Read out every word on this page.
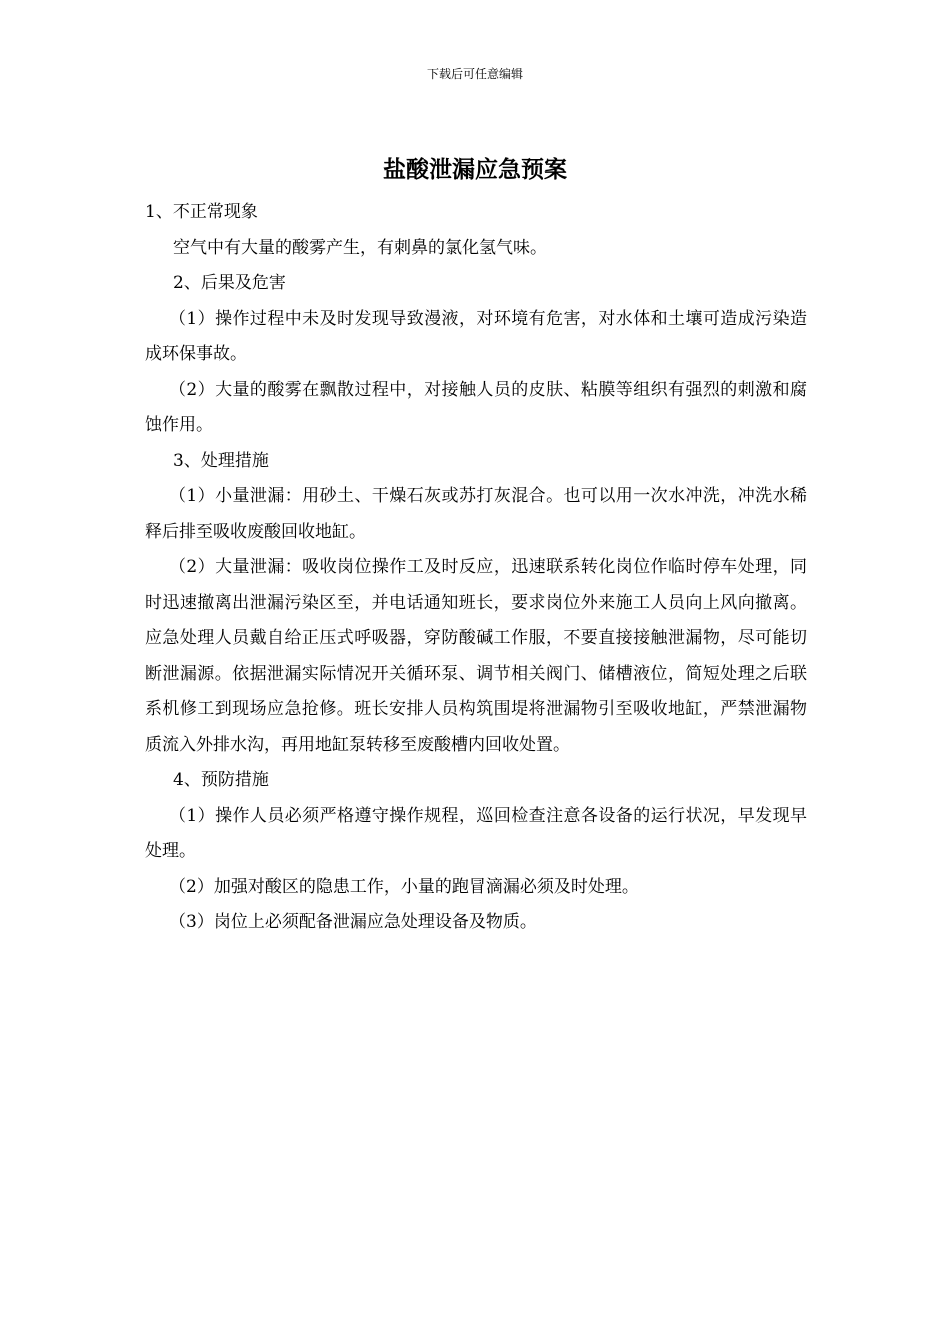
下载后可任意编辑
盐酸泄漏应急预案

1、不正常现象

空气中有大量的酸雾产生，有刺鼻的氯化氢气味。

2、后果及危害

（1）操作过程中未及时发现导致漫液，对环境有危害，对水体和土壤可造成污染造成环保事故。

（2）大量的酸雾在飘散过程中，对接触人员的皮肤、粘膜等组织有强烈的刺激和腐蚀作用。

3、处理措施

（1）小量泄漏：用砂土、干燥石灰或苏打灰混合。也可以用一次水冲洗，冲洗水稀释后排至吸收废酸回收地缸。

（2）大量泄漏：吸收岗位操作工及时反应，迅速联系转化岗位作临时停车处理，同时迅速撤离出泄漏污染区至，并电话通知班长，要求岗位外来施工人员向上风向撤离。应急处理人员戴自给正压式呼吸器，穿防酸碱工作服，不要直接接触泄漏物，尽可能切断泄漏源。依据泄漏实际情况开关循环泵、调节相关阀门、储槽液位，简短处理之后联系机修工到现场应急抢修。班长安排人员构筑围堤将泄漏物引至吸收地缸，严禁泄漏物质流入外排水沟，再用地缸泵转移至废酸槽内回收处置。

4、预防措施

（1）操作人员必须严格遵守操作规程，巡回检查注意各设备的运行状况，早发现早处理。

（2）加强对酸区的隐患工作，小量的跑冒滴漏必须及时处理。

（3）岗位上必须配备泄漏应急处理设备及物质。
